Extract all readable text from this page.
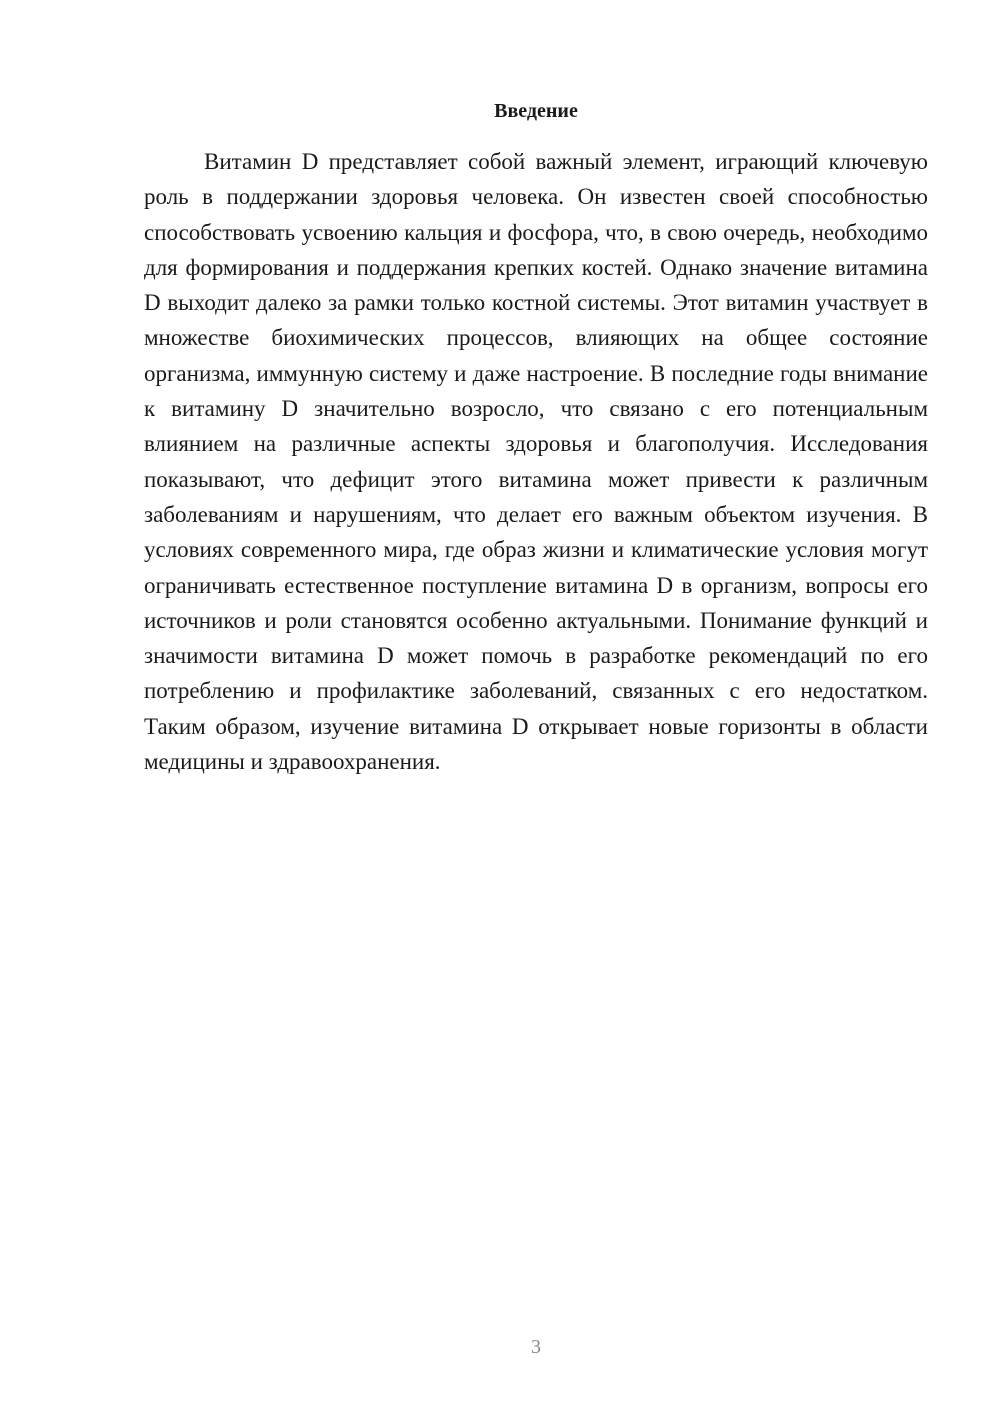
Введение

Витамин D представляет собой важный элемент, играющий ключевую роль в поддержании здоровья человека. Он известен своей способностью способствовать усвоению кальция и фосфора, что, в свою очередь, необходимо для формирования и поддержания крепких костей. Однако значение витамина D выходит далеко за рамки только костной системы. Этот витамин участвует в множестве биохимических процессов, влияющих на общее состояние организма, иммунную систему и даже настроение. В последние годы внимание к витамину D значительно возросло, что связано с его потенциальным влиянием на различные аспекты здоровья и благополучия. Исследования показывают, что дефицит этого витамина может привести к различным заболеваниям и нарушениям, что делает его важным объектом изучения. В условиях современного мира, где образ жизни и климатические условия могут ограничивать естественное поступление витамина D в организм, вопросы его источников и роли становятся особенно актуальными. Понимание функций и значимости витамина D может помочь в разработке рекомендаций по его потреблению и профилактике заболеваний, связанных с его недостатком. Таким образом, изучение витамина D открывает новые горизонты в области медицины и здравоохранения.

3
